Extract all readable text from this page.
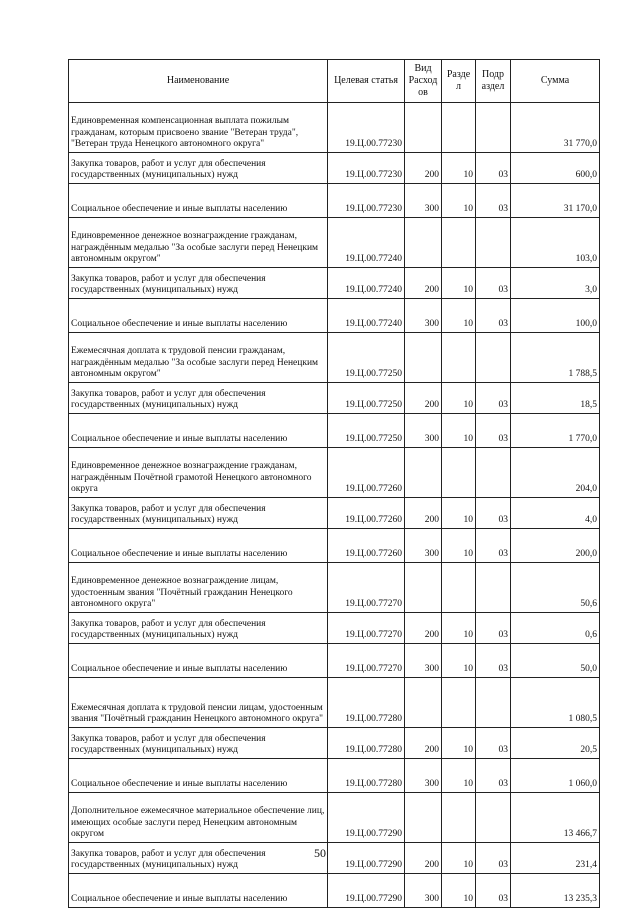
Наименование	Целевая статья	Вид Расход ов	Разде л	Подр аздел	Сумма
Единовременная компенсационная выплата пожилым гражданам, которым присвоено звание "Ветеран труда", "Ветеран труда Ненецкого автономного округа"	19.Ц.00.77230				31 770,0
Закупка товаров, работ и услуг для обеспечения государственных (муниципальных) нужд	19.Ц.00.77230	200	10	03	600,0
Социальное обеспечение и иные выплаты населению	19.Ц.00.77230	300	10	03	31 170,0
Единовременное денежное вознаграждение гражданам, награждённым медалью "За особые заслуги перед Ненецким автономным округом"	19.Ц.00.77240				103,0
Закупка товаров, работ и услуг для обеспечения государственных (муниципальных) нужд	19.Ц.00.77240	200	10	03	3,0
Социальное обеспечение и иные выплаты населению	19.Ц.00.77240	300	10	03	100,0
Ежемесячная доплата к трудовой пенсии гражданам, награждённым медалью "За особые заслуги перед Ненецким автономным округом"	19.Ц.00.77250				1 788,5
Закупка товаров, работ и услуг для обеспечения государственных (муниципальных) нужд	19.Ц.00.77250	200	10	03	18,5
Социальное обеспечение и иные выплаты населению	19.Ц.00.77250	300	10	03	1 770,0
Единовременное денежное вознаграждение гражданам, награждённым Почётной грамотой Ненецкого автономного округа	19.Ц.00.77260				204,0
Закупка товаров, работ и услуг для обеспечения государственных (муниципальных) нужд	19.Ц.00.77260	200	10	03	4,0
Социальное обеспечение и иные выплаты населению	19.Ц.00.77260	300	10	03	200,0
Единовременное денежное вознаграждение лицам, удостоенным звания "Почётный гражданин Ненецкого автономного округа"	19.Ц.00.77270				50,6
Закупка товаров, работ и услуг для обеспечения государственных (муниципальных) нужд	19.Ц.00.77270	200	10	03	0,6
Социальное обеспечение и иные выплаты населению	19.Ц.00.77270	300	10	03	50,0
Ежемесячная доплата к трудовой пенсии лицам, удостоенным звания "Почётный гражданин Ненецкого автономного округа"	19.Ц.00.77280				1 080,5
Закупка товаров, работ и услуг для обеспечения государственных (муниципальных) нужд	19.Ц.00.77280	200	10	03	20,5
Социальное обеспечение и иные выплаты населению	19.Ц.00.77280	300	10	03	1 060,0
Дополнительное ежемесячное материальное обеспечение лиц, имеющих особые заслуги перед Ненецким автономным округом	19.Ц.00.77290				13 466,7
Закупка товаров, работ и услуг для обеспечения государственных (муниципальных) нужд	19.Ц.00.77290	200	10	03	231,4
Социальное обеспечение и иные выплаты населению	19.Ц.00.77290	300	10	03	13 235,3
50
